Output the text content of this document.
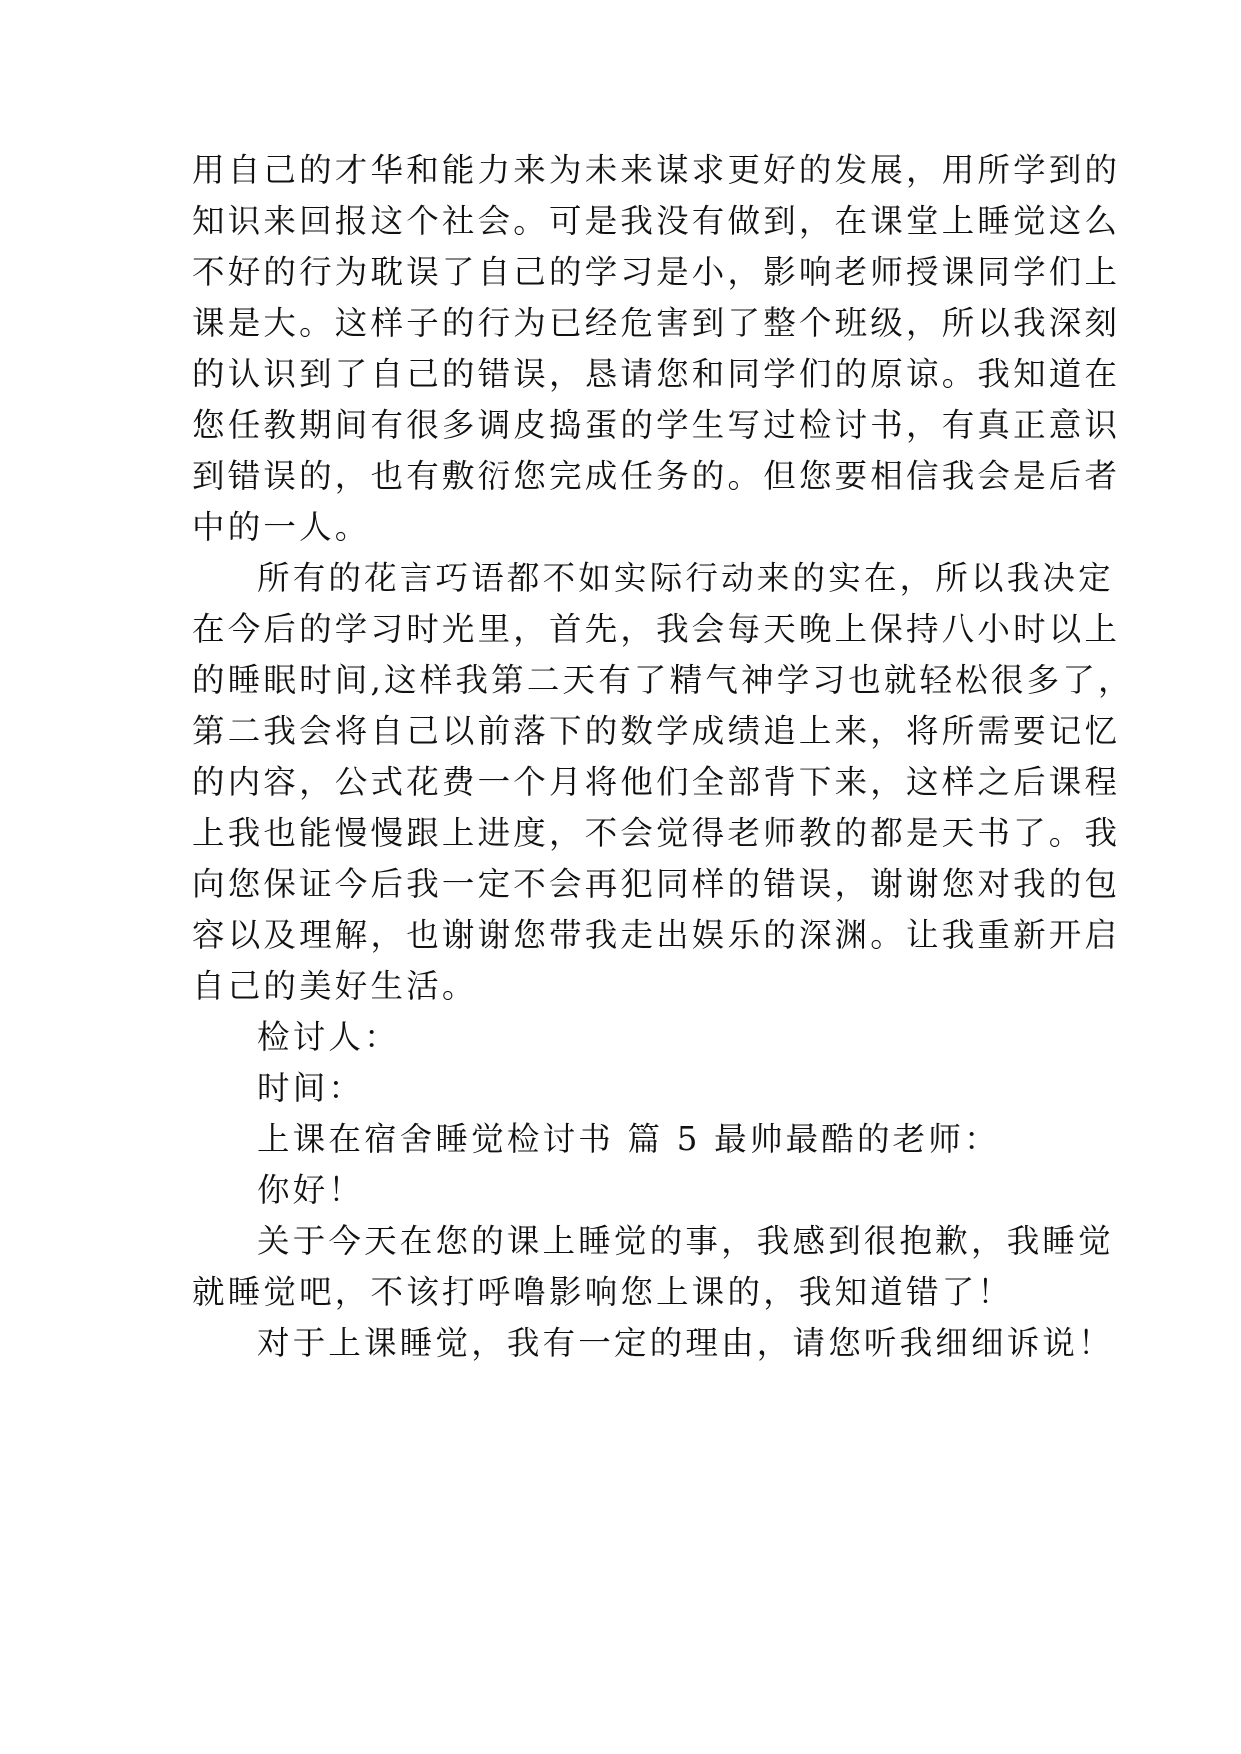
用自己的才华和能力来为未来谋求更好的发展，用所学到的
知识来回报这个社会。可是我没有做到，在课堂上睡觉这么
不好的行为耽误了自己的学习是小，影响老师授课同学们上
课是大。这样子的行为已经危害到了整个班级，所以我深刻
的认识到了自己的错误，恳请您和同学们的原谅。我知道在
您任教期间有很多调皮捣蛋的学生写过检讨书，有真正意识
到错误的，也有敷衍您完成任务的。但您要相信我会是后者
中的一人。
所有的花言巧语都不如实际行动来的实在，所以我决定
在今后的学习时光里，首先，我会每天晚上保持八小时以上
的睡眠时间,这样我第二天有了精气神学习也就轻松很多了，
第二我会将自己以前落下的数学成绩追上来，将所需要记忆
的内容，公式花费一个月将他们全部背下来，这样之后课程
上我也能慢慢跟上进度，不会觉得老师教的都是天书了。我
向您保证今后我一定不会再犯同样的错误，谢谢您对我的包
容以及理解，也谢谢您带我走出娱乐的深渊。让我重新开启
自己的美好生活。
检讨人：
时间：
上课在宿舍睡觉检讨书 篇 5 最帅最酷的老师：
你好！
关于今天在您的课上睡觉的事，我感到很抱歉，我睡觉
就睡觉吧，不该打呼噜影响您上课的，我知道错了！
对于上课睡觉，我有一定的理由，请您听我细细诉说！
